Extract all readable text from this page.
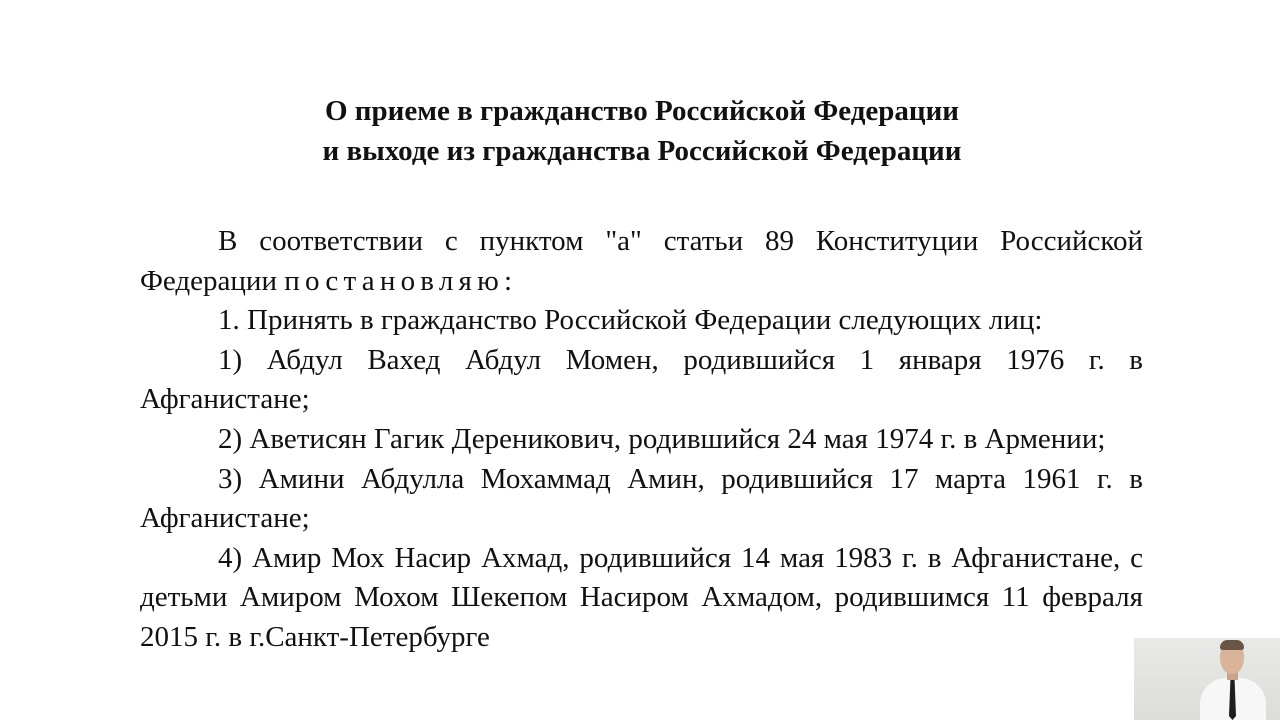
О приеме в гражданство Российской Федерации
и выходе из гражданства Российской Федерации

В соответствии с пунктом "а" статьи 89 Конституции Российской Федерации постановляю:

1. Принять в гражданство Российской Федерации следующих лиц:

1) Абдул Вахед Абдул Момен, родившийся 1 января 1976 г. в Афганистане;

2) Аветисян Гагик Дереникович, родившийся 24 мая 1974 г. в Армении;

3) Амини Абдулла Мохаммад Амин, родившийся 17 марта 1961 г. в Афганистане;

4) Амир Мох Насир Ахмад, родившийся 14 мая 1983 г. в Афганистане, с детьми Амиром Мохом Шекепом Насиром Ахмадом, родившимся 11 февраля 2015 г. в г.Санкт-Петербурге
